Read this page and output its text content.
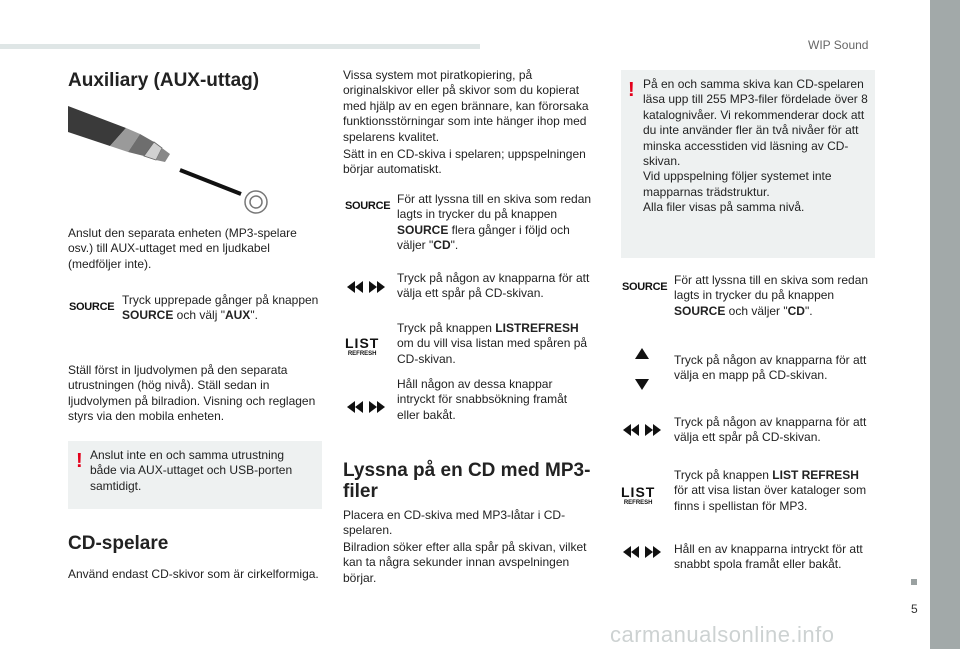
WIP Sound
5
carmanualsonline.info
Auxiliary (AUX-uttag)

Anslut den separata enheten (MP3-spelare osv.) till AUX-uttaget med en ljudkabel (medföljer inte).

SOURCE Tryck upprepade gånger på knappen SOURCE och välj "AUX".

Ställ först in ljudvolymen på den separata utrustningen (hög nivå). Ställ sedan in ljudvolymen på bilradion. Visning och reglagen styrs via den mobila enheten.

! Anslut inte en och samma utrustning både via AUX-uttaget och USB-porten samtidigt.

CD-spelare

Använd endast CD-skivor som är cirkelformiga.

Vissa system mot piratkopiering, på originalskivor eller på skivor som du kopierat med hjälp av en egen brännare, kan förorsaka funktionsstörningar som inte hänger ihop med spelarens kvalitet.

Sätt in en CD-skiva i spelaren; uppspelningen börjar automatiskt.

SOURCE För att lyssna till en skiva som redan lagts in trycker du på knappen SOURCE flera gånger i följd och väljer "CD".

Tryck på någon av knapparna för att välja ett spår på CD-skivan.

LIST
REFRESH

Tryck på knappen LISTREFRESH om du vill visa listan med spåren på CD-skivan.

Håll någon av dessa knappar intryckt för snabbsökning framåt eller bakåt.

Lyssna på en CD med MP3-filer

Placera en CD-skiva med MP3-låtar i CD-spelaren.

Bilradion söker efter alla spår på skivan, vilket kan ta några sekunder innan avspelningen börjar.

! På en och samma skiva kan CD-spelaren läsa upp till 255 MP3-filer fördelade över 8 katalognivåer. Vi rekommenderar dock att du inte använder fler än två nivåer för att minska accesstiden vid läsning av CD-skivan.

Vid uppspelning följer systemet inte mapparnas trädstruktur.

Alla filer visas på samma nivå.

SOURCE För att lyssna till en skiva som redan lagts in trycker du på knappen SOURCE och väljer "CD".

Tryck på någon av knapparna för att välja en mapp på CD-skivan.

Tryck på någon av knapparna för att välja ett spår på CD-skivan.

LIST
REFRESH

Tryck på knappen LIST REFRESH för att visa listan över kataloger som finns i spellistan för MP3.

Håll en av knapparna intryckt för att snabbt spola framåt eller bakåt.
